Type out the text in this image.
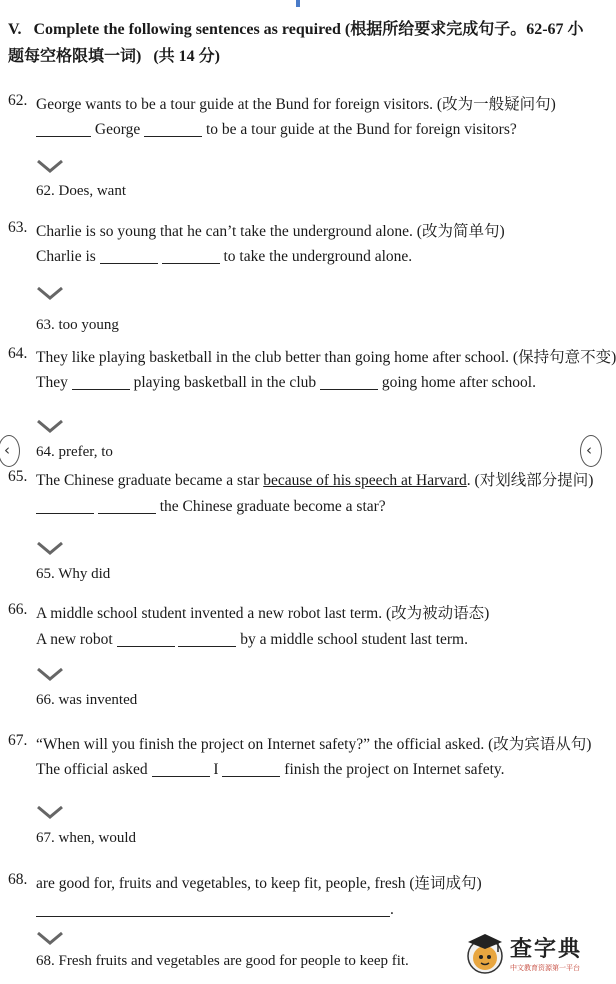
V.   Complete the following sentences as required (根据所给要求完成句子。62-67 小题每空格限填一词)   (共 14 分)
62. George wants to be a tour guide at the Bund for foreign visitors. (改为一般疑问句)
George	to be a tour guide at the Bund for foreign visitors?
62. Does, want
63. Charlie is so young that he can’t take the underground alone. (改为简单句)
Charlie is	to take the underground alone.
63. too young
64. They like playing basketball in the club better than going home after school. (保持句意不变)
They	playing basketball in the club	going home after school.
64. prefer, to
‹	‹
65. The Chinese graduate became a star because of his speech at Harvard. (对划线部分提问)
the Chinese graduate become a star?
65. Why did
66. A middle school student invented a new robot last term. (改为被动语态)
A new robot	by a middle school student last term.
66. was invented
67. “When will you finish the project on Internet safety?” the official asked. (改为宾语从句)
The official asked	I	finish the project on Internet safety.
67. when, would
68. are good for, fruits and vegetables, to keep fit, people, fresh (连词成句)
.
68. Fresh fruits and vegetables are good for people to keep fit.	查字典
中文教育资源第一平台
